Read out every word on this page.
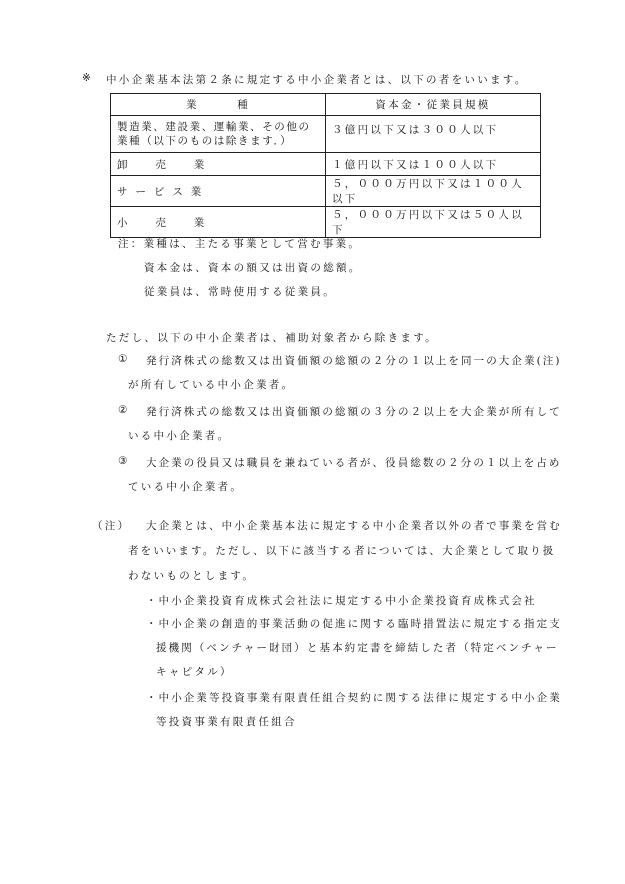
※ 中小企業基本法第２条に規定する中小企業者とは、以下の者をいいます。
業　　　種	資本金・従業員規模
製造業、建設業、運輸業、その他の業種（以下のものは除きます．）	３億円以下又は３００人以下
卸　　売　　業	１億円以下又は１００人以下
サ ー ビ ス 業	５，０００万円以下又は１００人以下
小　　売　　業	５，０００万円以下又は５０人以下
注：業種は、主たる事業として営む事業。
資本金は、資本の額又は出資の総額。
従業員は、常時使用する従業員。
ただし、以下の中小企業者は、補助対象者から除きます。
① 発行済株式の総数又は出資価額の総額の２分の１以上を同一の大企業(注)
が所有している中小企業者。
② 発行済株式の総数又は出資価額の総額の３分の２以上を大企業が所有して
いる中小企業者。
③ 大企業の役員又は職員を兼ねている者が、役員総数の２分の１以上を占め
ている中小企業者。
（注） 大企業とは、中小企業基本法に規定する中小企業者以外の者で事業を営む
者をいいます。ただし、以下に該当する者については、大企業として取り扱
わないものとします。
・中小企業投資育成株式会社法に規定する中小企業投資育成株式会社
・中小企業の創造的事業活動の促進に関する臨時措置法に規定する指定支
援機関（ベンチャー財団）と基本約定書を締結した者（特定ベンチャー
キャピタル）
・中小企業等投資事業有限責任組合契約に関する法律に規定する中小企業
等投資事業有限責任組合
